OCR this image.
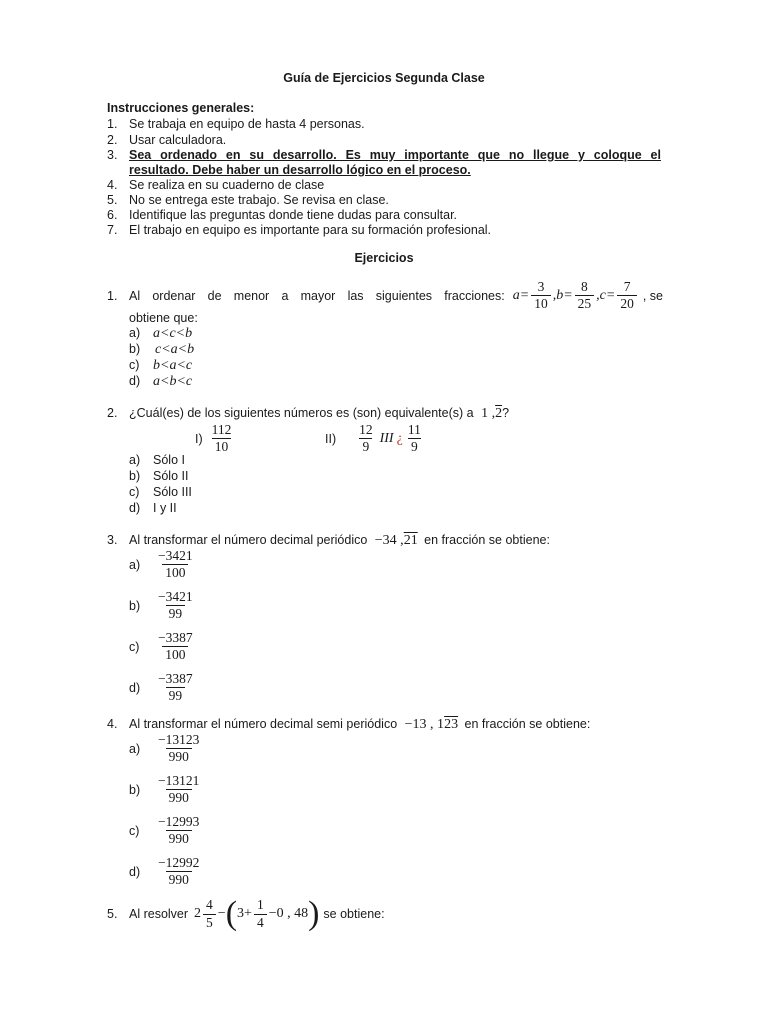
Guía de Ejercicios Segunda Clase
Instrucciones generales:
1. Se trabaja en equipo de hasta 4 personas.
2. Usar calculadora.
3. Sea ordenado en su desarrollo. Es muy importante que no llegue y coloque el
resultado. Debe haber un desarrollo lógico en el proceso.
4. Se realiza en su cuaderno de clase
5. No se entrega este trabajo. Se revisa en clase.
6. Identifique las preguntas donde tiene dudas para consultar.
7. El trabajo en equipo es importante para su formación profesional.
Ejercicios
1. Al ordenar de menor a mayor las siguientes fracciones: $a= \frac{3}{10} ,b= \frac{8}{25} ,c= \frac{7}{20}$ , se
obtiene que:
a) a<c<b
b) c<a<b
c) b<a<c
d) a<b<c
2. ¿Cuál(es) de los siguientes números es (son) equivalente(s) a 1 ,2?
$I) \frac{112}{10}$	$II) \frac{12}{9}$ III ¿ $\frac{11}{9}$
a) Sólo I
b) Sólo II
c) Sólo III
d) I y II
3. Al transformar el número decimal periódico −34 ,21 en fracción se obtiene:
a)	$\frac{-3421}{100}$
b)	$\frac{-3421}{99}$
c)	$\frac{-3387}{100}$
d)	$\frac{-3387}{99}$
4. Al transformar el número decimal semi periódico −13 , 123 en fracción se obtiene:
a)	$\frac{-13123}{990}$
b)	$\frac{-13121}{990}$
c)	$\frac{-12993}{990}$
d)	$\frac{-12992}{990}$
5. Al resolver $2 \frac{4}{5}$ − ( $3+ \frac{1}{4} -0$ , 48 ) se obtiene:
